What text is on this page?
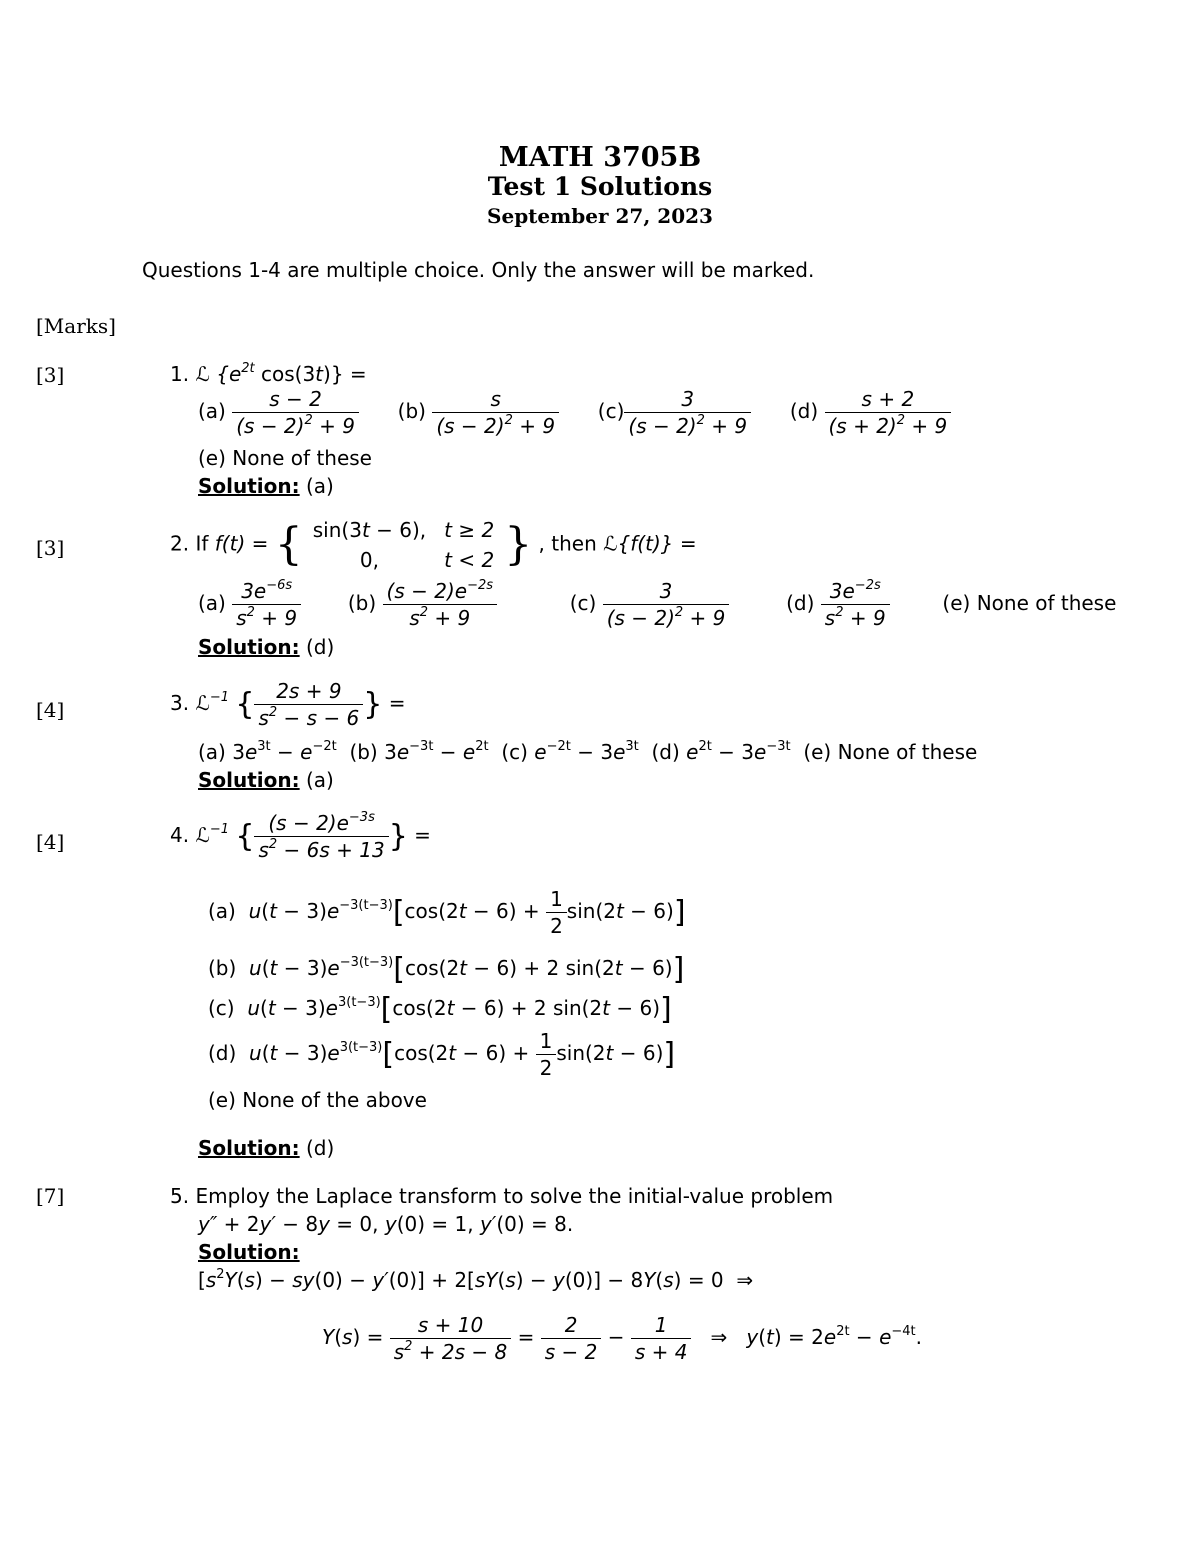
MATH 3705B
Test 1 Solutions
September 27, 2023
Questions 1-4 are multiple choice. Only the answer will be marked.
[Marks]
[3]	1. ℒ {$e^{2t}$ cos(3t)} =
$(a) \frac{s - 2}{(s - 2)^2 + 9} (b) \frac{s}{(s - 2)^2 + 9} (c) \frac{3}{(s - 2)^2 + 9} (d) \frac{s + 2}{(s + 2)^2 + 9}$
(e) None of these
Solution: (a)
[3]	2. If f(t) = { sin(3t − 6),	t ≥ 2
0,	t < 2 } , then ℒ{f(t)} =
$(a) \frac{3e^{-6s}}{s^2 + 9} (b) \frac{(s - 2)e^{-2s}}{s^2 + 9}$	$(c) \frac{3}{(s - 2)^2 + 9}$	$(d) \frac{3e^{-2s}}{s^2 + 9}$	(e) None of these
Solution: (d)
[4]	3. ℒ$^{-1}$ { $\frac{2s + 9}{s^2 - s - 6}$ } =
(a) $3e^{3t} - e^{-2t}$ (b) $3e^{-3t} - e^{2t}$ (c) $e^{-2t} - 3e^{3t}$ (d) $e^{2t} - 3e^{-3t}$ (e) None of these
Solution: (a)
[4]	4. ℒ$^{-1}$ { $\frac{(s - 2)e^{-3s}}{s^2 - 6s + 13}$ } =
(a) $u(t - 3)e^{-3(t-3)}[\cos(2t - 6) + \frac{1}{2} \sin(2t - 6)]$
(b) $u(t - 3)e^{-3(t-3)}[\cos(2t - 6) + 2$ sin(2t − 6)]
(c) $u(t - 3)e^{3(t-3)}[\cos(2t - 6) + 2$ sin(2t − 6)]
(d) $u(t - 3)e^{3(t-3)}[\cos(2t - 6) + \frac{1}{2} \sin(2t - 6)]$
(e) None of the above
Solution: (d)
[7]	5. Employ the Laplace transform to solve the initial-value problem
y″ + 2y′ − 8y = 0, y(0) = 1, y′(0) = 8.
Solution:
$[s^2Y(s) - sy(0) - y'(0)] + 2[sY(s) - y(0)] - 8Y(s) = 0$  ⇒
$Y(s) = \frac{s + 10}{s^2 + 2s - 8} = \frac{2}{s - 2} - \frac{1}{s + 4}$ ⇒   $y(t) = 2e^{2t} - e^{-4t}$.
